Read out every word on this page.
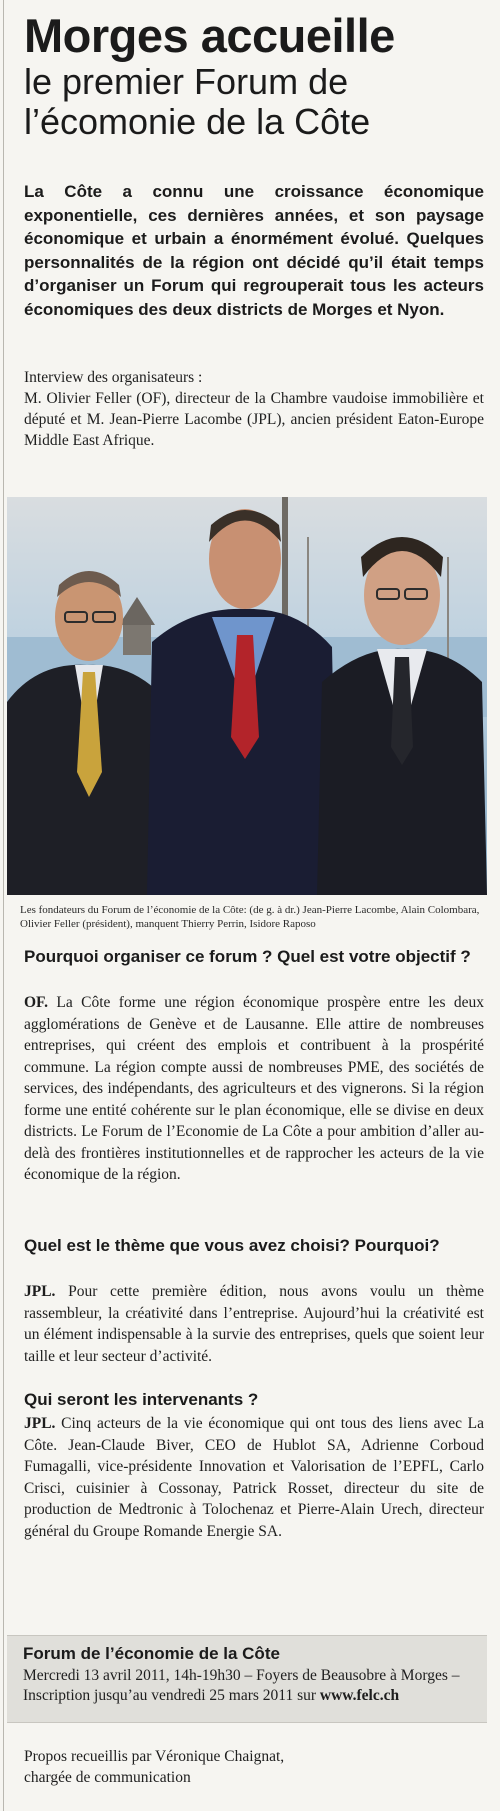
Morges accueille
le premier Forum de l’écomonie de la Côte
La Côte a connu une croissance économique exponentielle, ces dernières années, et son paysage économique et urbain a énormément évolué. Quelques personnalités de la région ont décidé qu’il était temps d’organiser un Forum qui regrouperait tous les acteurs économiques des deux districts de Morges et Nyon.
Interview des organisateurs :
M. Olivier Feller (OF), directeur de la Chambre vaudoise immobilière et député et M. Jean-Pierre Lacombe (JPL), ancien président Eaton-Europe Middle East Afrique.
Les fondateurs du Forum de l’économie de la Côte: (de g. à dr.) Jean-Pierre Lacombe, Alain Colombara, Olivier Feller (président), manquent Thierry Perrin, Isidore Raposo
Pourquoi organiser ce forum ? Quel est votre objectif ?
OF. La Côte forme une région économique prospère entre les deux agglomérations de Genève et de Lausanne. Elle attire de nombreuses entreprises, qui créent des emplois et contribuent à la prospérité commune. La région compte aussi de nombreuses PME, des sociétés de services, des indépendants, des agriculteurs et des vignerons. Si la région forme une entité cohérente sur le plan économique, elle se divise en deux districts. Le Forum de l’Economie de La Côte a pour ambition d’aller au-delà des frontières institutionnelles et de rapprocher les acteurs de la vie économique de la région.
Quel est le thème que vous avez choisi? Pourquoi?
JPL. Pour cette première édition, nous avons voulu un thème rassembleur, la créativité dans l’entreprise. Aujourd’hui la créativité est un élément indispensable à la survie des entreprises, quels que soient leur taille et leur secteur d’activité.
Qui seront les intervenants ?
JPL. Cinq acteurs de la vie économique qui ont tous des liens avec La Côte. Jean-Claude Biver, CEO de Hublot SA, Adrienne Corboud Fumagalli, vice-présidente Innovation et Valorisation de l’EPFL, Carlo Crisci, cuisinier à Cossonay, Patrick Rosset, directeur du site de production de Medtronic à Tolochenaz et Pierre-Alain Urech, directeur général du Groupe Romande Energie SA.
Forum de l’économie de la Côte
Mercredi 13 avril 2011, 14h-19h30 – Foyers de Beausobre à Morges – Inscription jusqu’au vendredi 25 mars 2011 sur www.felc.ch
Propos recueillis par Véronique Chaignat,
chargée de communication
